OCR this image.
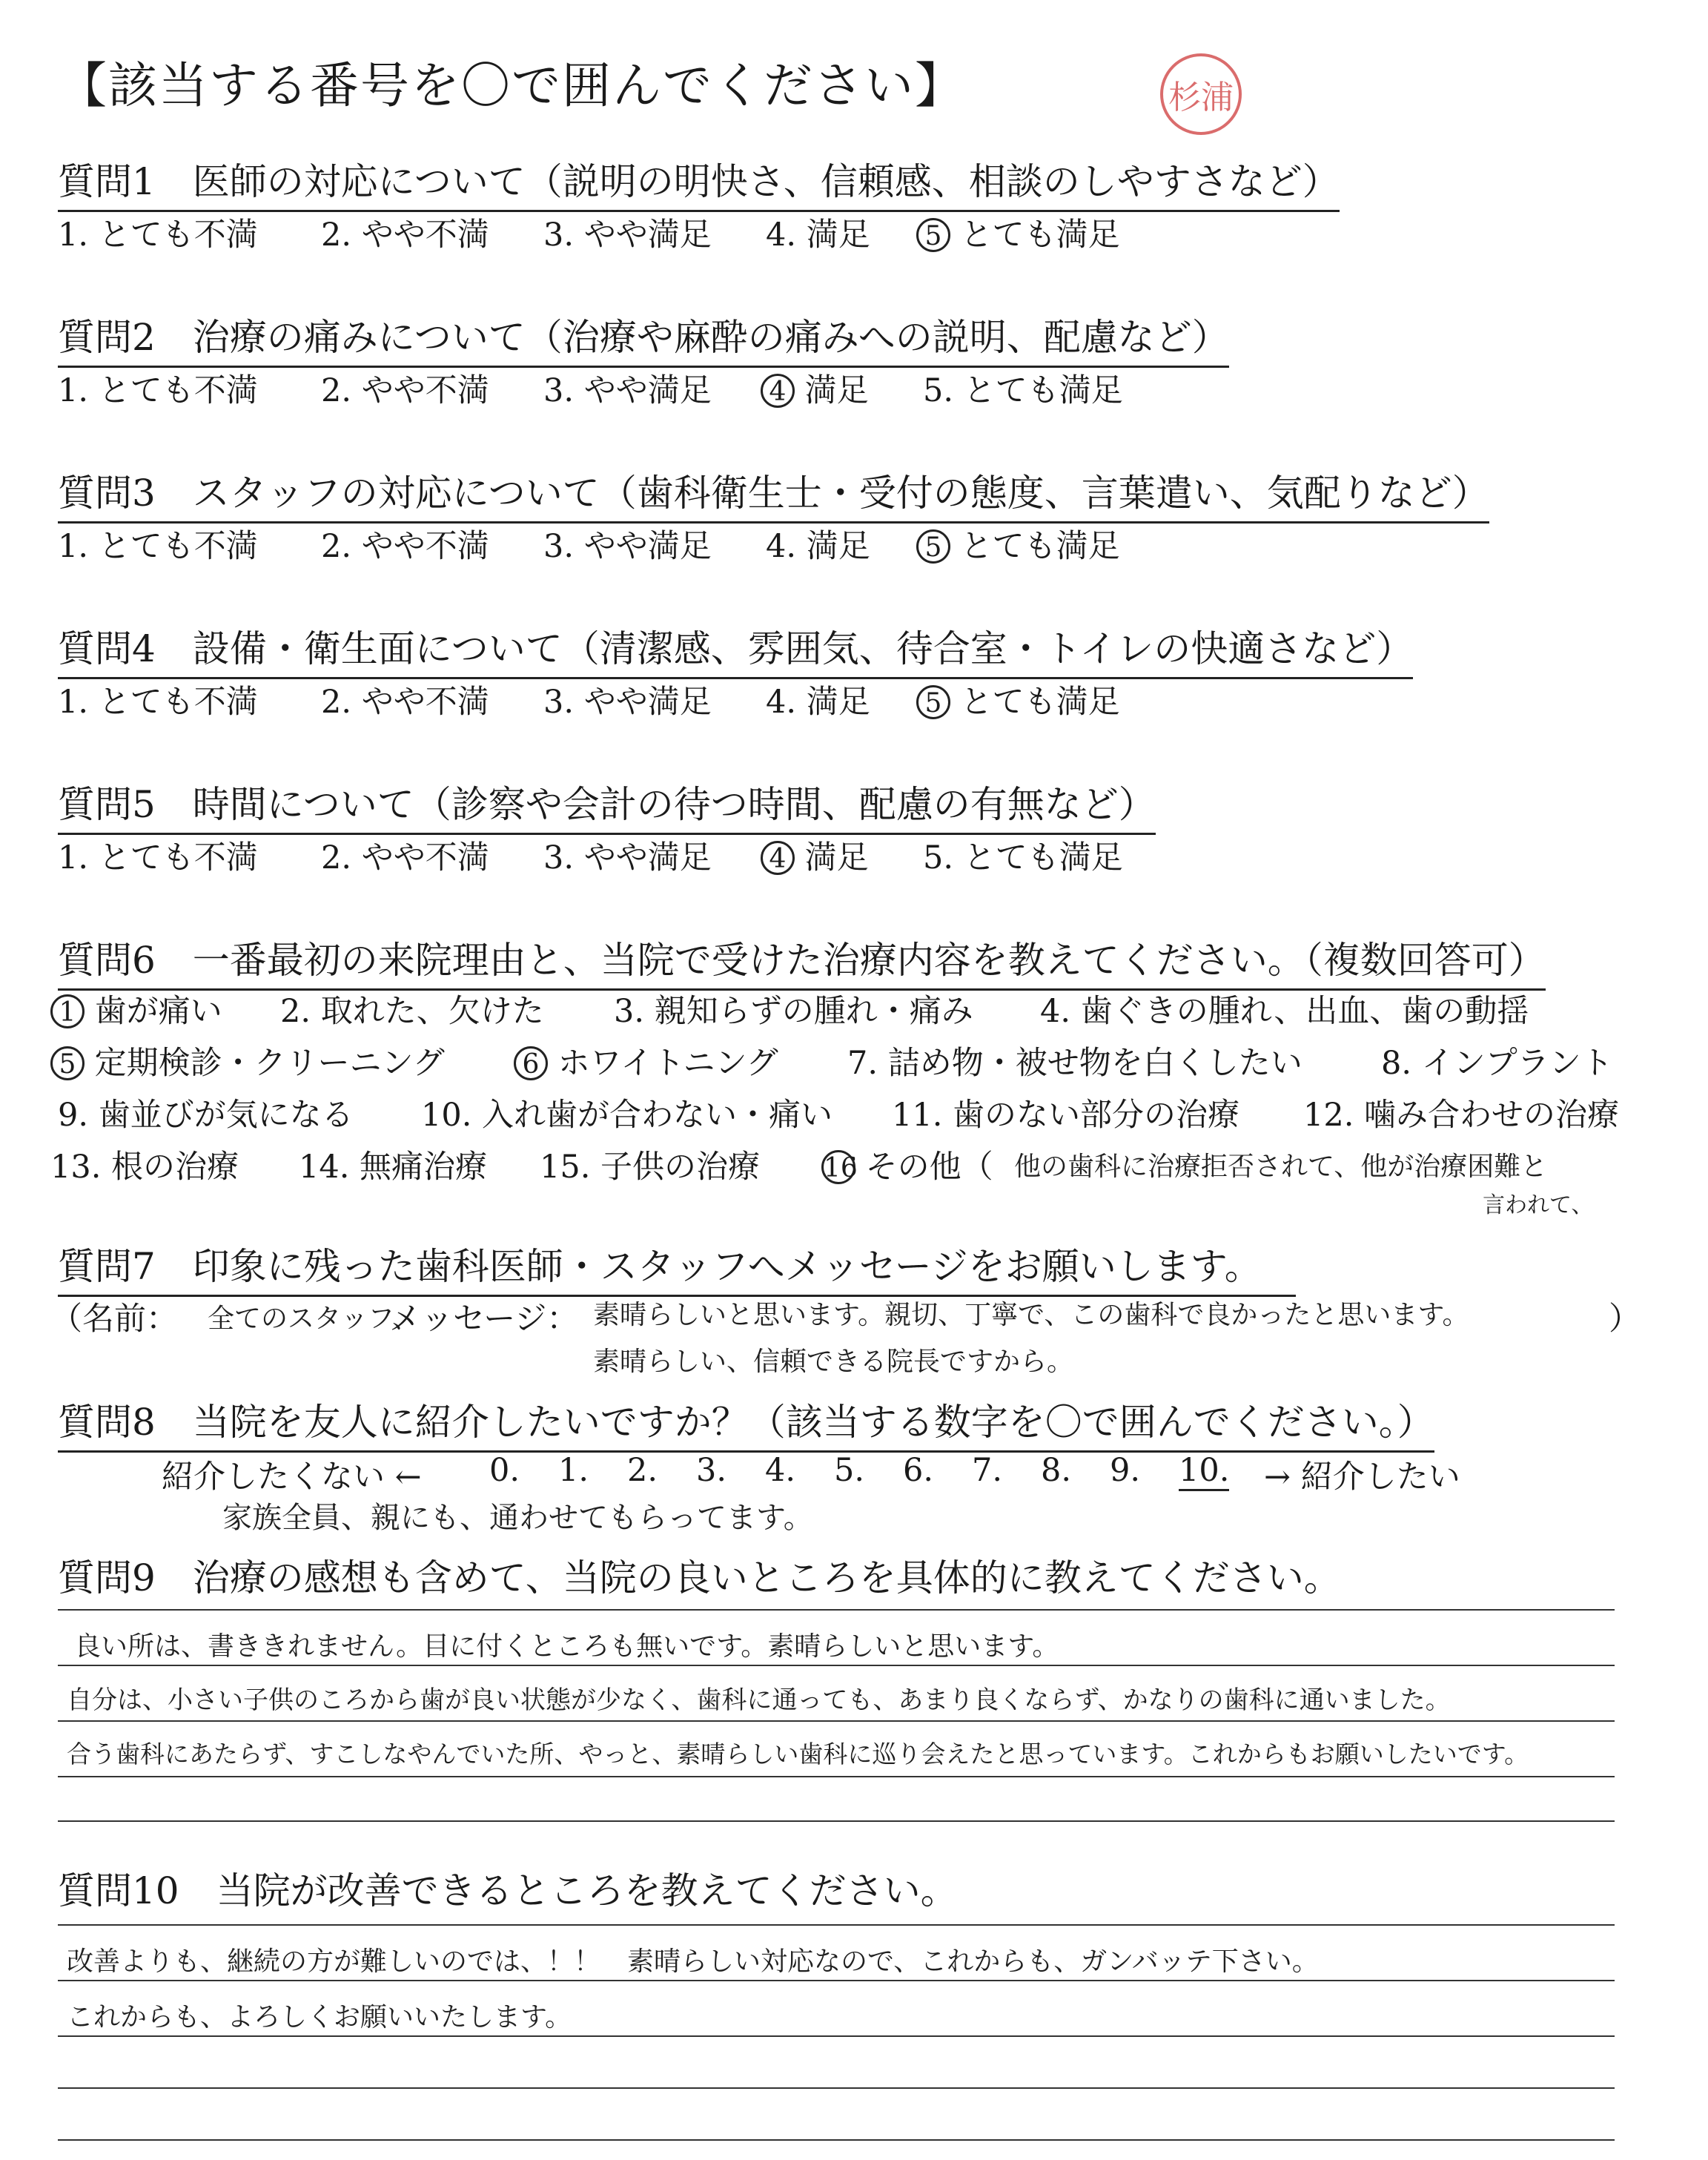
【該当する番号を〇で囲んでください】	杉浦
質問1　医師の対応について（説明の明快さ、信頼感、相談のしやすさなど）
1. とても不満 2. やや不満 3. やや満足 4. 満足	5 とても満足
質問2　治療の痛みについて（治療や麻酔の痛みへの説明、配慮など）
1. とても不満 2. やや不満 3. やや満足	4 満足 5. とても満足
質問3　スタッフの対応について（歯科衛生士・受付の態度、言葉遣い、気配りなど）
1. とても不満 2. やや不満 3. やや満足 4. 満足	5 とても満足
質問4　設備・衛生面について（清潔感、雰囲気、待合室・トイレの快適さなど）
1. とても不満 2. やや不満 3. やや満足 4. 満足	5 とても満足
質問5　時間について（診察や会計の待つ時間、配慮の有無など）
1. とても不満 2. やや不満 3. やや満足	4 満足 5. とても満足
質問6　一番最初の来院理由と、当院で受けた治療内容を教えてください。（複数回答可）
1 歯が痛い 2. 取れた、欠けた 3. 親知らずの腫れ・痛み 4. 歯ぐきの腫れ、出血、歯の動揺
5 定期検診・クリーニング	6 ホワイトニング 7. 詰め物・被せ物を白くしたい 8. インプラント
9. 歯並びが気になる 10. 入れ歯が合わない・痛い 11. 歯のない部分の治療 12. 噛み合わせの治療
13. 根の治療 14. 無痛治療 15. 子供の治療 16 その他（ 他の歯科に治療拒否されて、他が治療困難と
言われて、
質問7　印象に残った歯科医師・スタッフへメッセージをお願いします。
（名前： 全てのスタッフ、
メッセージ： 素晴らしいと思います。親切、丁寧で、この歯科で良かったと思います。
素晴らしい、信頼できる院長ですから。
）
質問8　当院を友人に紹介したいですか？（該当する数字を〇で囲んでください。）
紹介したくない ← 0. 1. 2. 3. 4. 5. 6. 7. 8. 9. 10. → 紹介したい
家族全員、親にも、通わせてもらってます。
質問9　治療の感想も含めて、当院の良いところを具体的に教えてください。
良い所は、書ききれません。目に付くところも無いです。素晴らしいと思います。
自分は、小さい子供のころから歯が良い状態が少なく、歯科に通っても、あまり良くならず、かなりの歯科に通いました。
合う歯科にあたらず、すこしなやんでいた所、やっと、素晴らしい歯科に巡り会えたと思っています。これからもお願いしたいです。
質問10　当院が改善できるところを教えてください。
改善よりも、継続の方が難しいのでは、！！　素晴らしい対応なので、これからも、ガンバッテ下さい。
これからも、よろしくお願いいたします。
